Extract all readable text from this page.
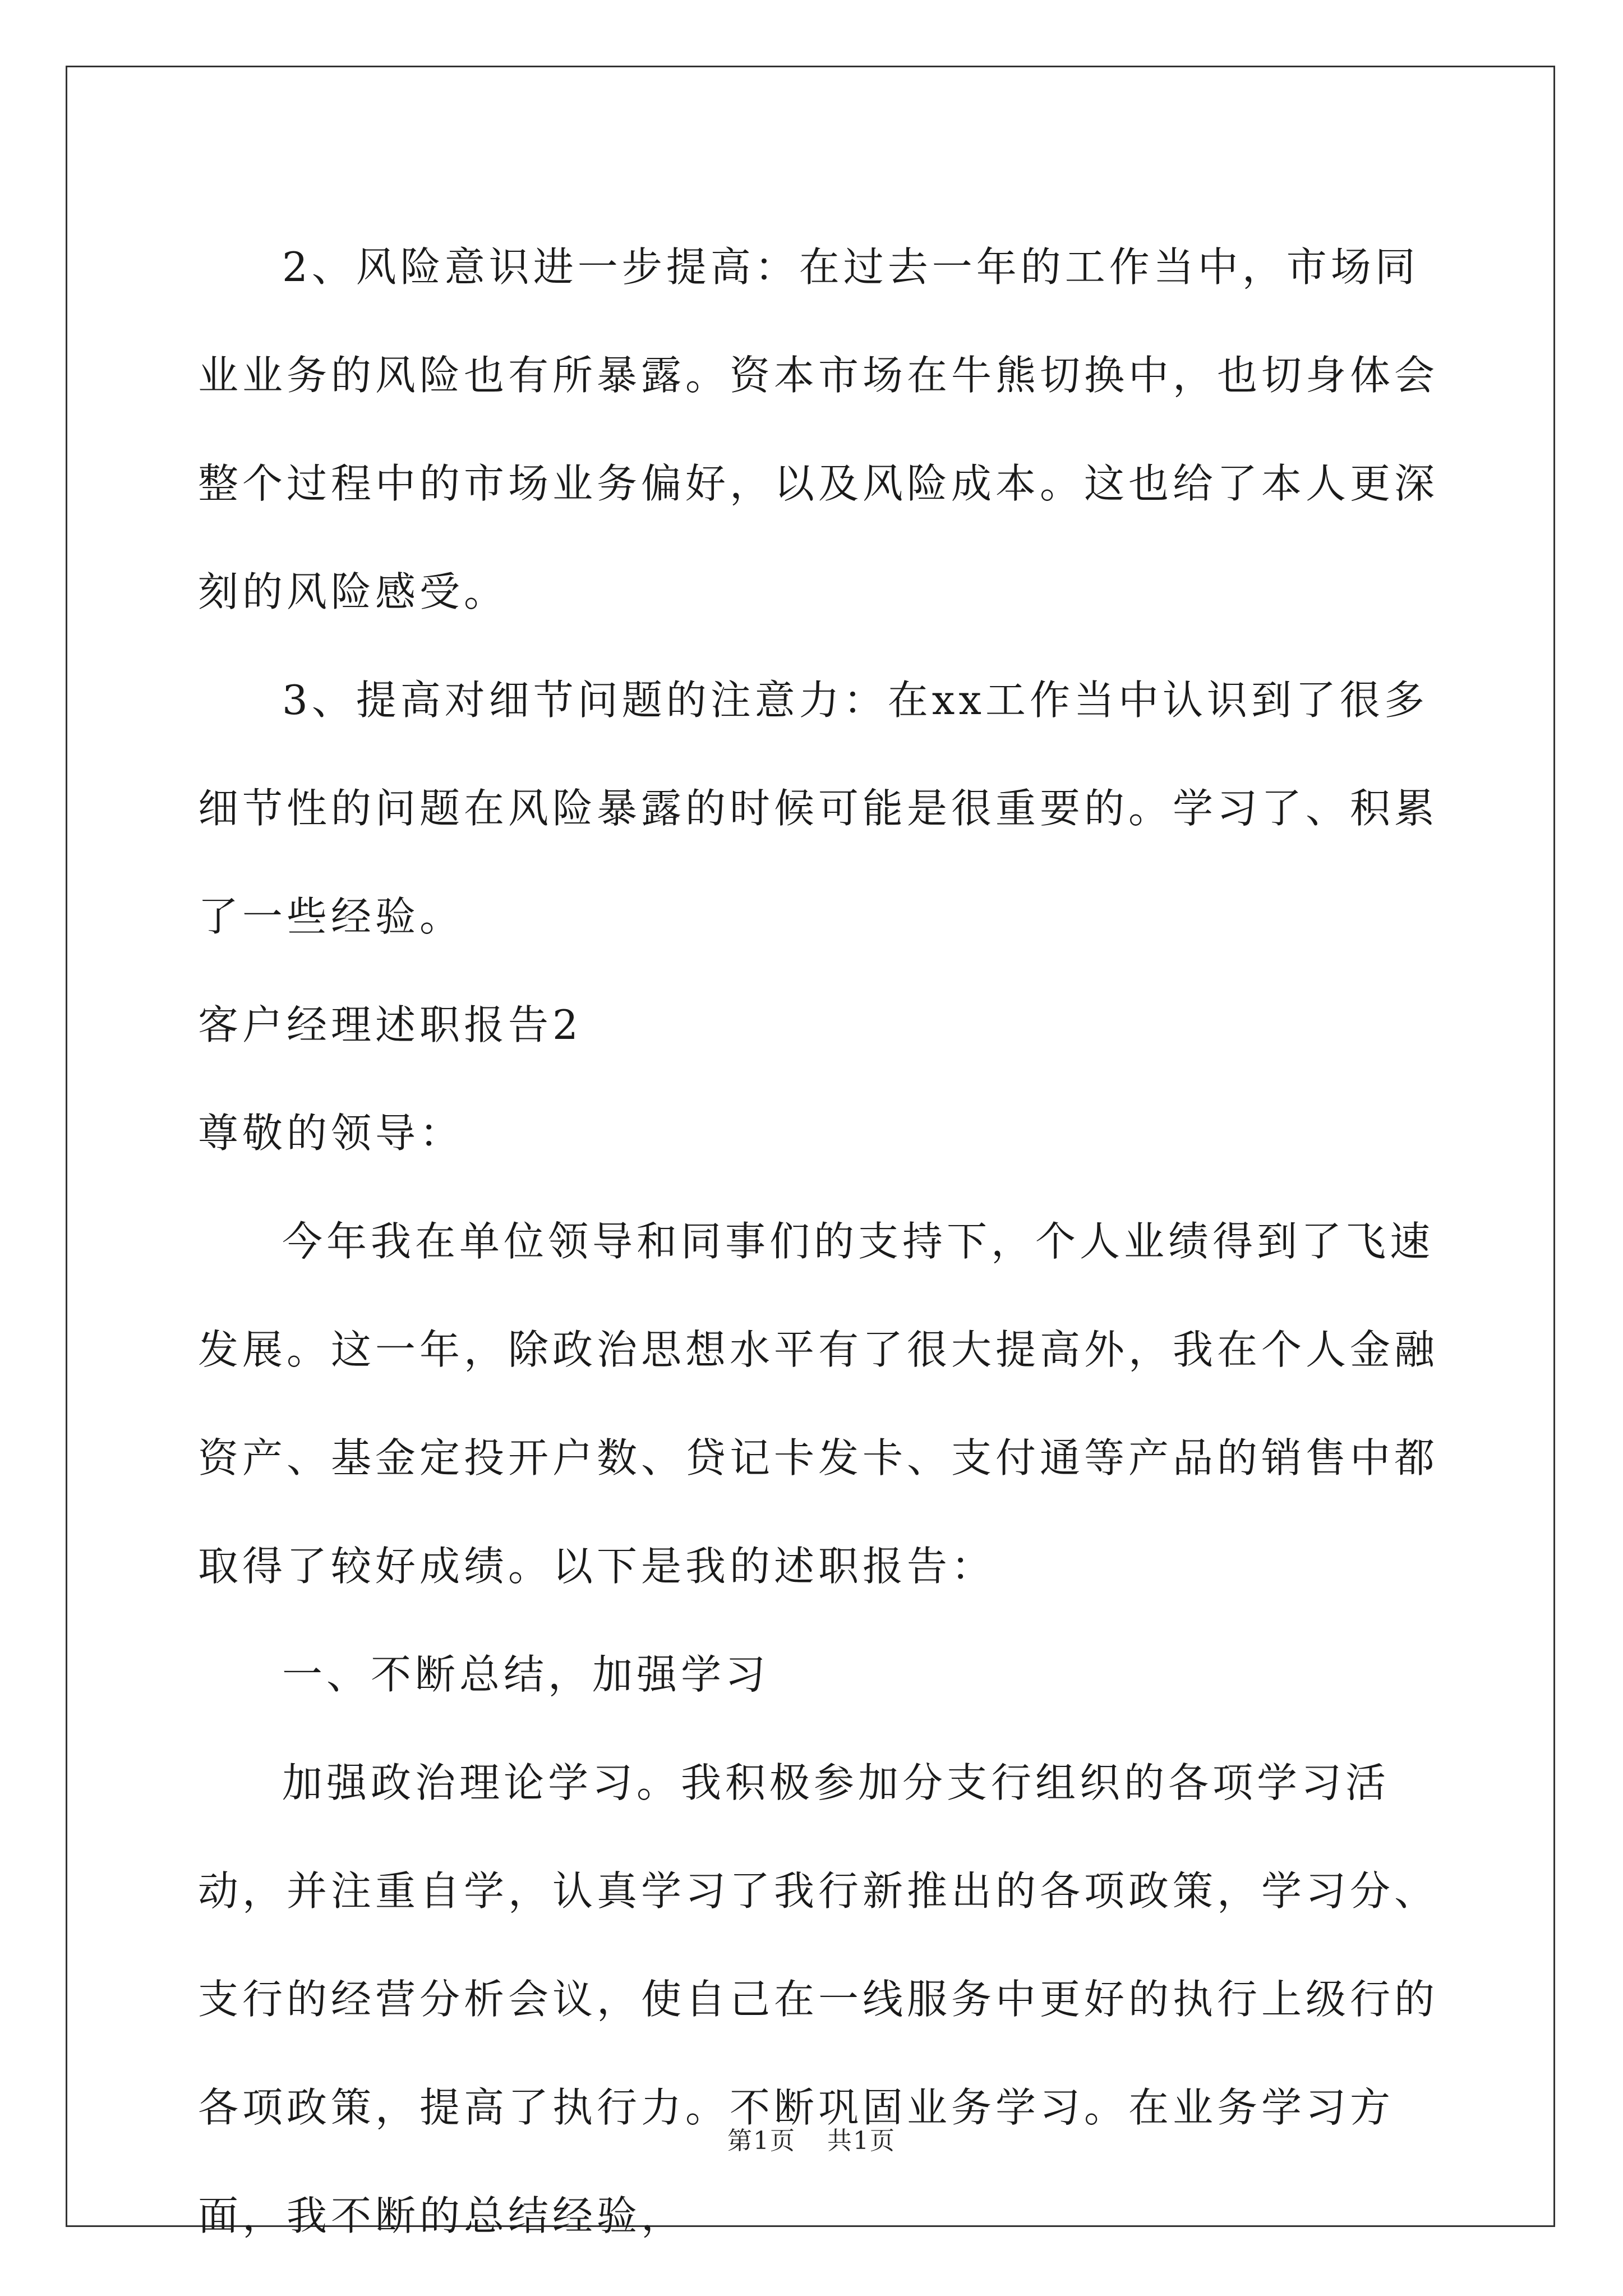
2、风险意识进一步提高：在过去一年的工作当中，市场同业业务的风险也有所暴露。资本市场在牛熊切换中，也切身体会整个过程中的市场业务偏好，以及风险成本。这也给了本人更深刻的风险感受。

3、提高对细节问题的注意力：在xx工作当中认识到了很多细节性的问题在风险暴露的时候可能是很重要的。学习了、积累了一些经验。

客户经理述职报告2

尊敬的领导：

今年我在单位领导和同事们的支持下，个人业绩得到了飞速发展。这一年，除政治思想水平有了很大提高外，我在个人金融资产、基金定投开户数、贷记卡发卡、支付通等产品的销售中都取得了较好成绩。以下是我的述职报告：

一、不断总结，加强学习

加强政治理论学习。我积极参加分支行组织的各项学习活动，并注重自学，认真学习了我行新推出的各项政策，学习分、支行的经营分析会议，使自己在一线服务中更好的执行上级行的各项政策，提高了执行力。不断巩固业务学习。在业务学习方面，我不断的总结经验，

第1页 共1页
